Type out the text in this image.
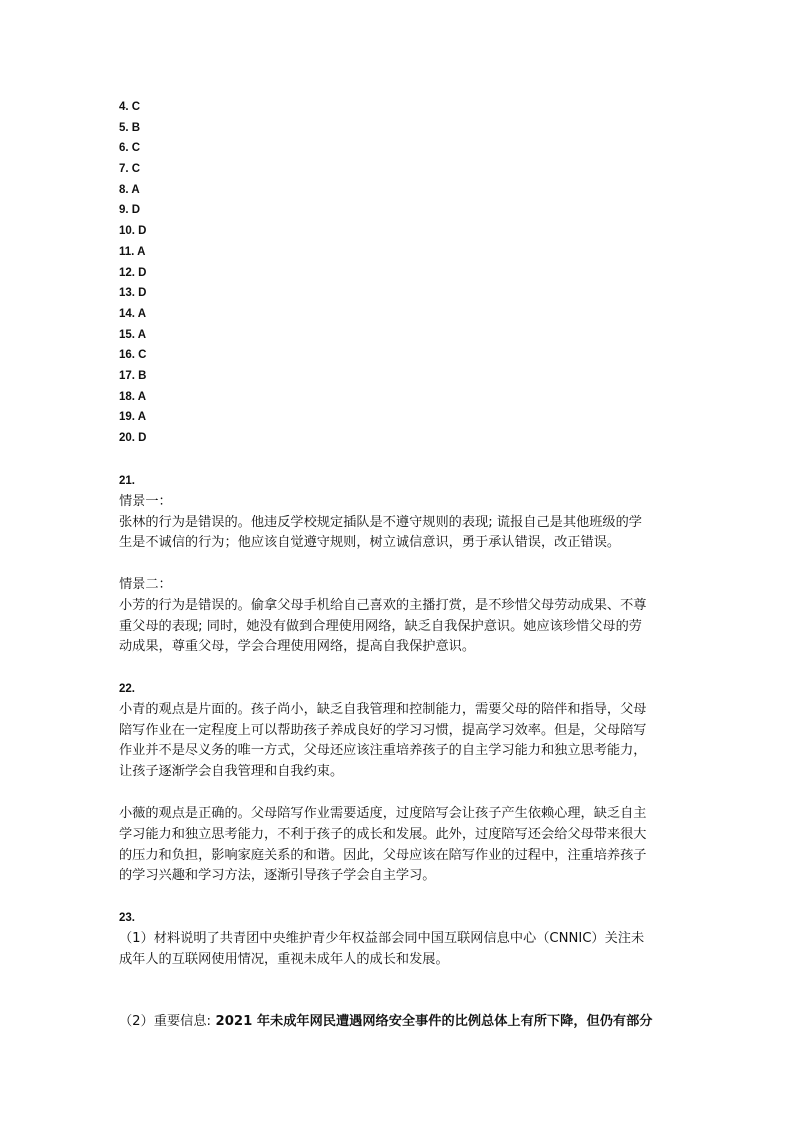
4. C
5. B
6. C
7. C
8. A
9. D
10. D
11. A
12. D
13. D
14. A
15. A
16. C
17. B
18. A
19. A
20. D
21.
情景一：
张林的行为是错误的。他违反学校规定插队是不遵守规则的表现; 谎报自己是其他班级的学
生是不诚信的行为；他应该自觉遵守规则，树立诚信意识，勇于承认错误，改正错误。
情景二：
小芳的行为是错误的。偷拿父母手机给自己喜欢的主播打赏，是不珍惜父母劳动成果、不尊
重父母的表现; 同时，她没有做到合理使用网络，缺乏自我保护意识。她应该珍惜父母的劳
动成果，尊重父母，学会合理使用网络，提高自我保护意识。
22.
小青的观点是片面的。孩子尚小，缺乏自我管理和控制能力，需要父母的陪伴和指导，父母
陪写作业在一定程度上可以帮助孩子养成良好的学习习惯，提高学习效率。但是，父母陪写
作业并不是尽义务的唯一方式，父母还应该注重培养孩子的自主学习能力和独立思考能力，
让孩子逐渐学会自我管理和自我约束。
小薇的观点是正确的。父母陪写作业需要适度，过度陪写会让孩子产生依赖心理，缺乏自主
学习能力和独立思考能力，不利于孩子的成长和发展。此外，过度陪写还会给父母带来很大
的压力和负担，影响家庭关系的和谐。因此，父母应该在陪写作业的过程中，注重培养孩子
的学习兴趣和学习方法，逐渐引导孩子学会自主学习。
23.
（1）材料说明了共青团中央维护青少年权益部会同中国互联网信息中心（CNNIC）关注未
成年人的互联网使用情况，重视未成年人的成长和发展。
（2）重要信息: 2021 年未成年网民遭遇网络安全事件的比例总体上有所下降，但仍有部分
